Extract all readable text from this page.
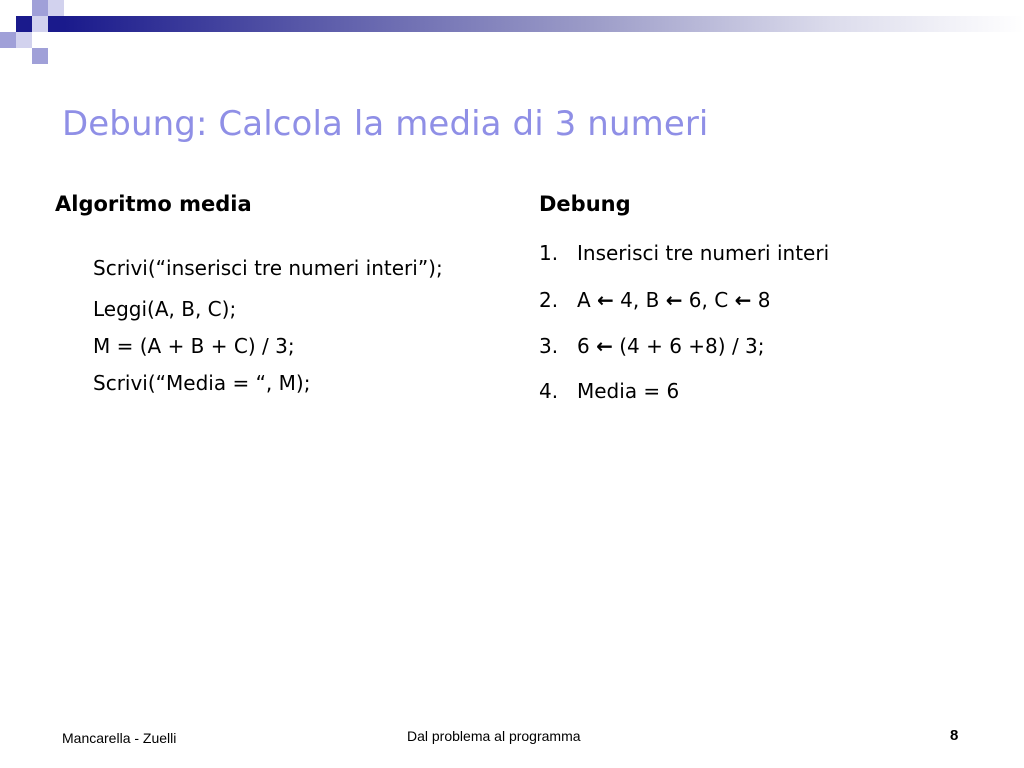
Debung: Calcola la media di 3 numeri
Algoritmo media	Debung
Scrivi(“inserisci tre numeri interi”);
Leggi(A, B, C);
M = (A + B + C) / 3;
Scrivi(“Media = “, M);
1. Inserisci tre numeri interi
2. A ← 4, B ← 6, C ← 8
3. 6 ← (4 + 6 +8) / 3;
4. Media = 6
Mancarella - Zuelli	Dal problema al programma	8
